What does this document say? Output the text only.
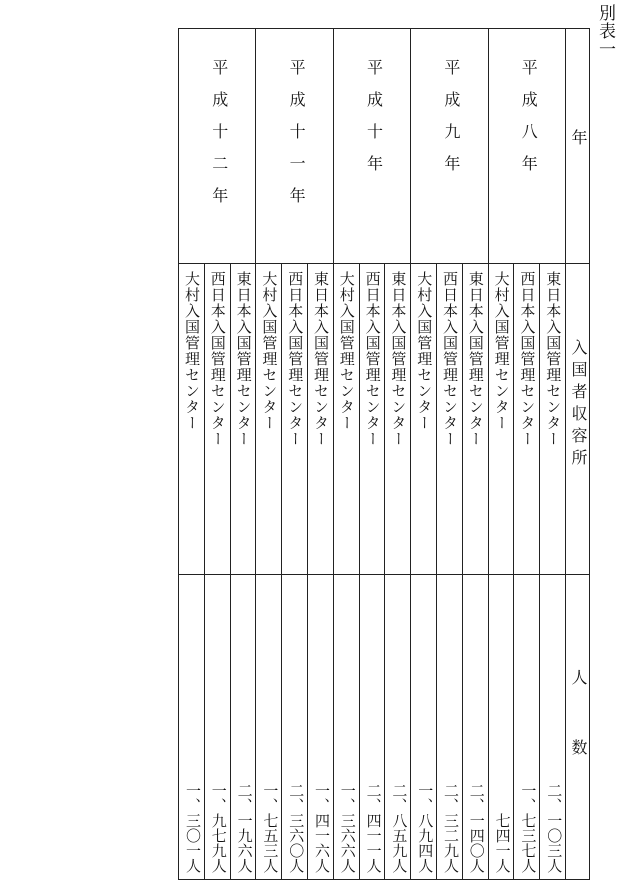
別表一
年
入国者収容所
人数
平成八年
東日本入国管理センター
二、一〇三人
西日本入国管理センター
一、七三七人
大村入国管理センター
七四一人
平成九年
東日本入国管理センター
二、一四〇人
西日本入国管理センター
二、三二九人
大村入国管理センター
一、八九四人
平成十年
東日本入国管理センター
二、八五九人
西日本入国管理センター
二、四一一人
大村入国管理センター
一、三六六人
平成十一年
東日本入国管理センター
一、四一六人
西日本入国管理センター
二、三六〇人
大村入国管理センター
一、七五三人
平成十二年
東日本入国管理センター
二、一九六人
西日本入国管理センター
一、九七九人
大村入国管理センター
一、三〇一人
